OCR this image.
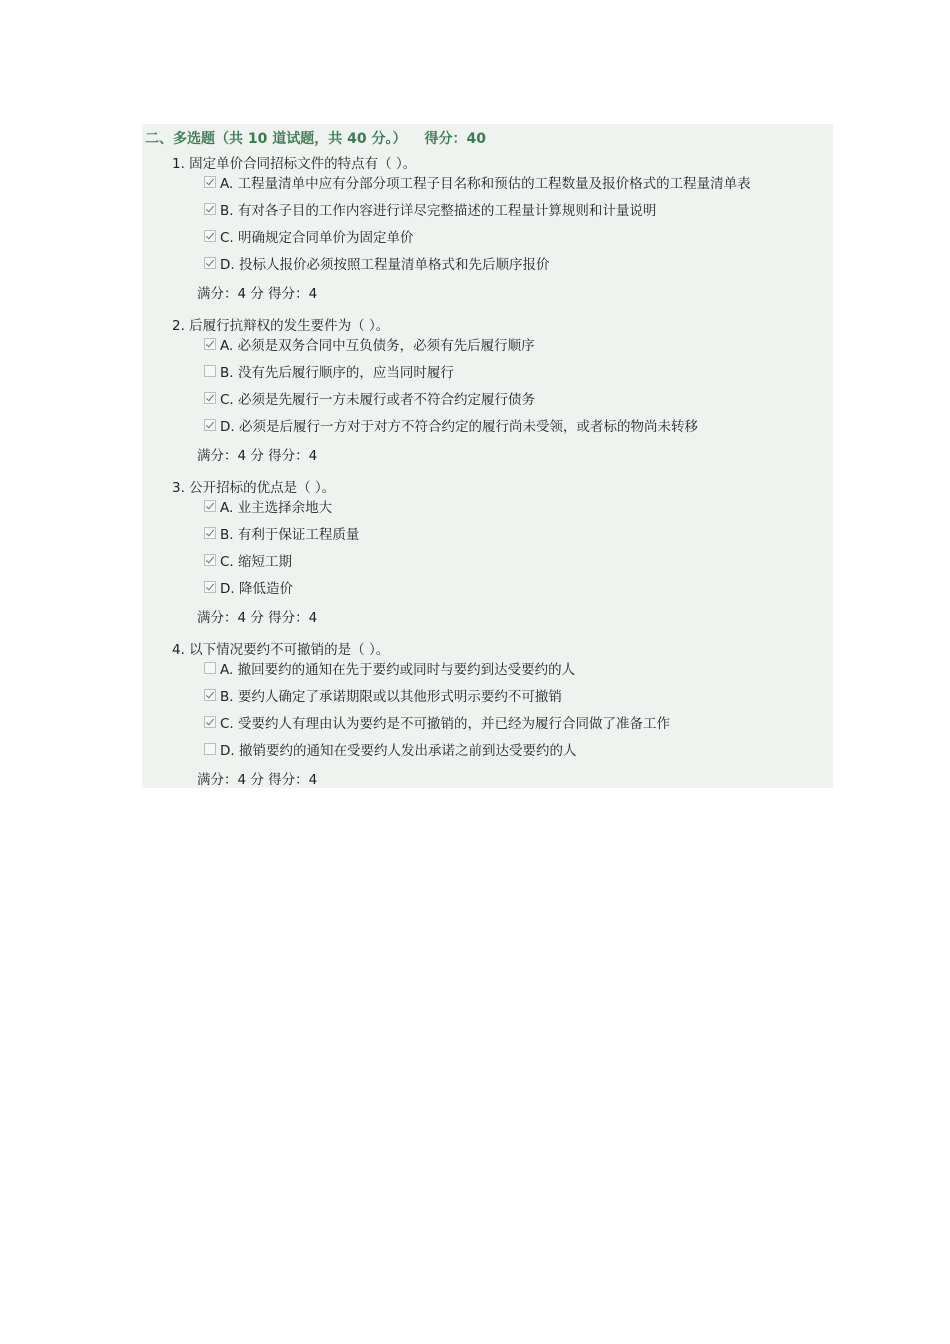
二、多选题（共 10 道试题，共 40 分。） 得分：40
1. 固定单价合同招标文件的特点有（ ）。
A. 工程量清单中应有分部分项工程子目名称和预估的工程数量及报价格式的工程量清单表
B. 有对各子目的工作内容进行详尽完整描述的工程量计算规则和计量说明
C. 明确规定合同单价为固定单价
D. 投标人报价必须按照工程量清单格式和先后顺序报价
满分：4 分 得分：4
2. 后履行抗辩权的发生要件为（ ）。
A. 必须是双务合同中互负债务，必须有先后履行顺序
B. 没有先后履行顺序的，应当同时履行
C. 必须是先履行一方未履行或者不符合约定履行债务
D. 必须是后履行一方对于对方不符合约定的履行尚未受领，或者标的物尚未转移
满分：4 分 得分：4
3. 公开招标的优点是（ ）。
A. 业主选择余地大
B. 有利于保证工程质量
C. 缩短工期
D. 降低造价
满分：4 分 得分：4
4. 以下情况要约不可撤销的是（ ）。
A. 撤回要约的通知在先于要约或同时与要约到达受要约的人
B. 要约人确定了承诺期限或以其他形式明示要约不可撤销
C. 受要约人有理由认为要约是不可撤销的，并已经为履行合同做了准备工作
D. 撤销要约的通知在受要约人发出承诺之前到达受要约的人
满分：4 分 得分：4
